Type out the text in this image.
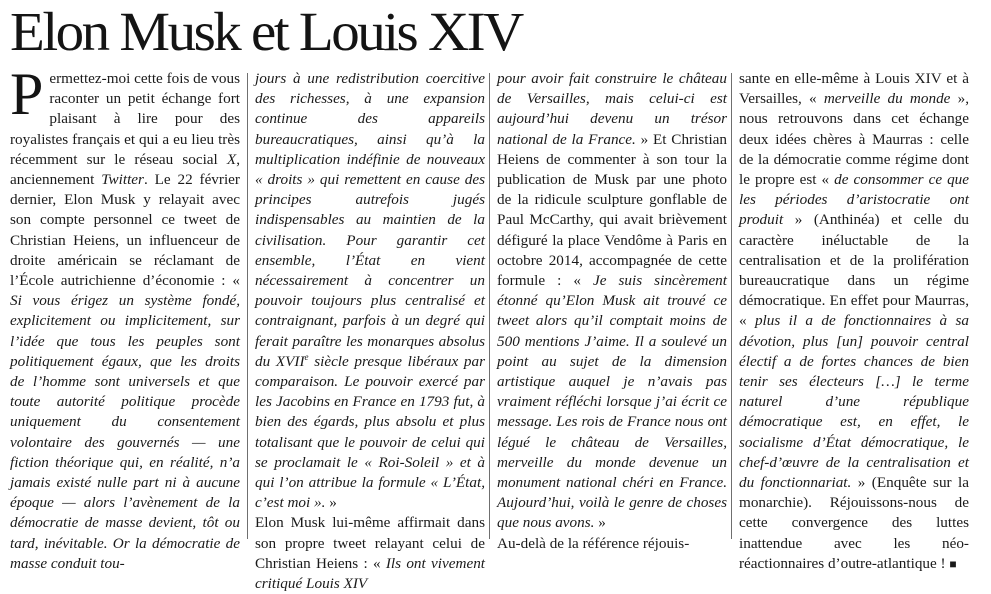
Elon Musk et Louis XIV
P ermettez-moi cette fois de vous raconter un petit échange fort plaisant à lire pour des royalistes français et qui a eu lieu très récemment sur le réseau social X, anciennement Twitter. Le 22 février dernier, Elon Musk y relayait avec son compte personnel ce tweet de Christian Heiens, un influenceur de droite américain se réclamant de l’École autrichienne d’économie : « Si vous érigez un système fondé, explicitement ou implicitement, sur l’idée que tous les peuples sont politiquement égaux, que les droits de l’homme sont universels et que toute autorité politique procède uniquement du consentement volontaire des gouvernés — une fiction théorique qui, en réalité, n’a jamais existé nulle part ni à aucune époque — alors l’avènement de la démocratie de masse devient, tôt ou tard, inévitable. Or la démocratie de masse conduit tou-

jours à une redistribution coercitive des richesses, à une expansion continue des appareils bureaucratiques, ainsi qu’à la multiplication indéfinie de nouveaux « droits » qui remettent en cause des principes autrefois jugés indispensables au maintien de la civilisation. Pour garantir cet ensemble, l’État en vient nécessairement à concentrer un pouvoir toujours plus centralisé et contraignant, parfois à un degré qui ferait paraître les monarques absolus du XVIIe siècle presque libéraux par comparaison. Le pouvoir exercé par les Jacobins en France en 1793 fut, à bien des égards, plus absolu et plus totalisant que le pouvoir de celui qui se proclamait le « Roi-Soleil » et à qui l’on attribue la formule « L’État, c’est moi ». »

Elon Musk lui-même affirmait dans son propre tweet relayant celui de Christian Heiens : « Ils ont vivement critiqué Louis XIV

pour avoir fait construire le château de Versailles, mais celui-ci est aujourd’hui devenu un trésor national de la France. » Et Christian Heiens de commenter à son tour la publication de Musk par une photo de la ridicule sculpture gonflable de Paul McCarthy, qui avait brièvement défiguré la place Vendôme à Paris en octobre 2014, accompagnée de cette formule : « Je suis sincèrement étonné qu’Elon Musk ait trouvé ce tweet alors qu’il comptait moins de 500 mentions J’aime. Il a soulevé un point au sujet de la dimension artistique auquel je n’avais pas vraiment réfléchi lorsque j’ai écrit ce message. Les rois de France nous ont légué le château de Versailles, merveille du monde devenue un monument national chéri en France. Aujourd’hui, voilà le genre de choses que nous avons. »

Au-delà de la référence réjouis-

sante en elle-même à Louis XIV et à Versailles, « merveille du monde », nous retrouvons dans cet échange deux idées chères à Maurras : celle de la démocratie comme régime dont le propre est « de consommer ce que les périodes d’aristocratie ont produit » (Anthinéa) et celle du caractère inéluctable de la centralisation et de la prolifération bureaucratique dans un régime démocratique. En effet pour Maurras, « plus il a de fonctionnaires à sa dévotion, plus [un] pouvoir central électif a de fortes chances de bien tenir ses électeurs […] le terme naturel d’une république démocratique est, en effet, le socialisme d’État démocratique, le chef-d’œuvre de la centralisation et du fonctionnariat. » (Enquête sur la monarchie). Réjouissons-nous de cette convergence des luttes inattendue avec les néo-réactionnaires d’outre-atlantique ! ■
